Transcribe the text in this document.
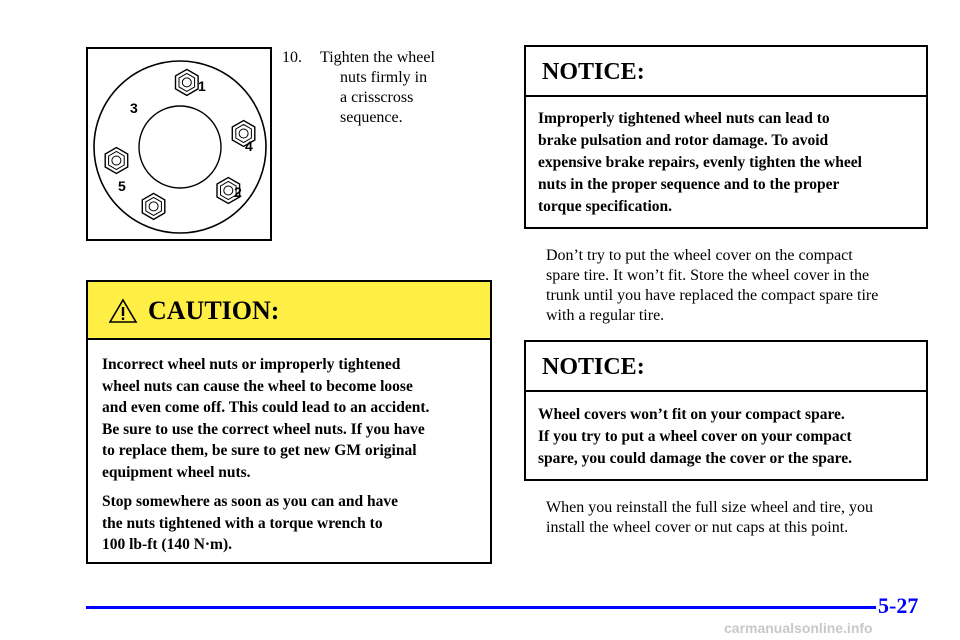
1
2
3
4
5
10. Tighten the wheel
nuts firmly in
a crisscross
sequence.
CAUTION:

Incorrect wheel nuts or improperly tightened
wheel nuts can cause the wheel to become loose
and even come off. This could lead to an accident.
Be sure to use the correct wheel nuts. If you have
to replace them, be sure to get new GM original
equipment wheel nuts.

Stop somewhere as soon as you can and have
the nuts tightened with a torque wrench to
100 lb-ft (140 N·m).

NOTICE:
Improperly tightened wheel nuts can lead to
brake pulsation and rotor damage. To avoid
expensive brake repairs, evenly tighten the wheel
nuts in the proper sequence and to the proper
torque specification.
Don’t try to put the wheel cover on the compact
spare tire. It won’t fit. Store the wheel cover in the
trunk until you have replaced the compact spare tire
with a regular tire.
NOTICE:
Wheel covers won’t fit on your compact spare.
If you try to put a wheel cover on your compact
spare, you could damage the cover or the spare.
When you reinstall the full size wheel and tire, you
install the wheel cover or nut caps at this point.
5-27
carmanualsonline.info
